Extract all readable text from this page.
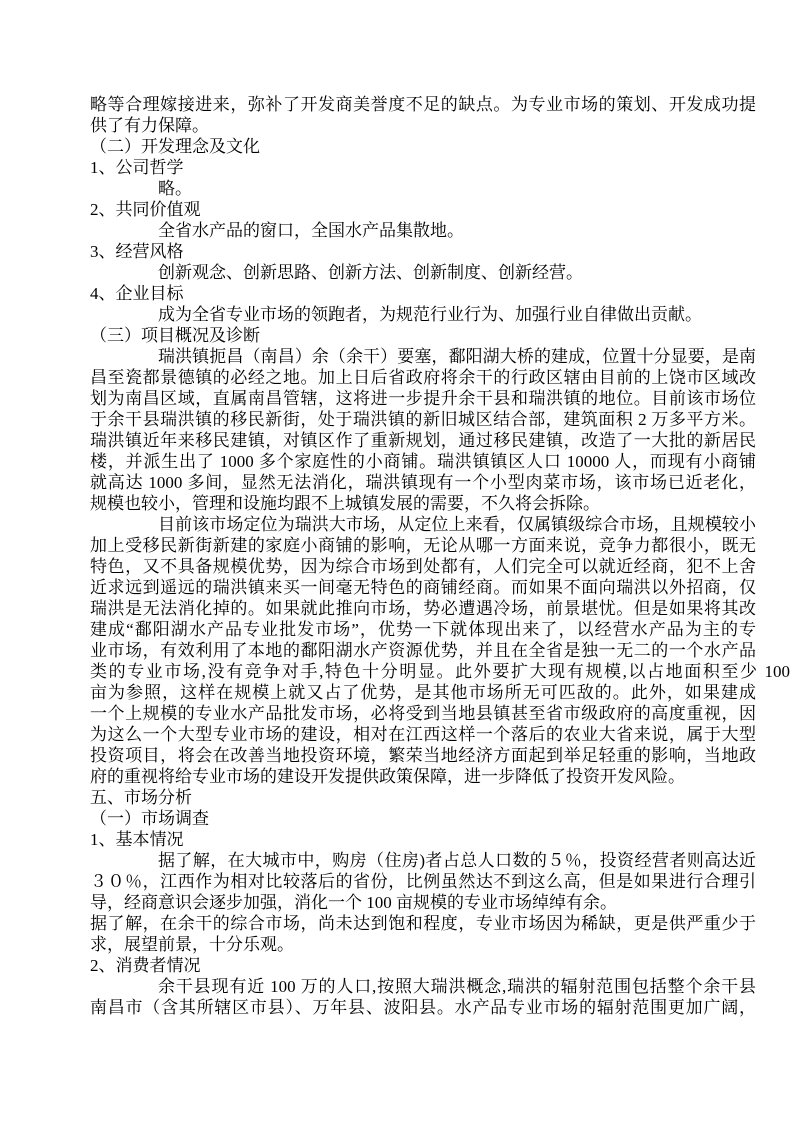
略等合理嫁接进来，弥补了开发商美誉度不足的缺点。为专业市场的策划、开发成功提
供了有力保障。
（二）开发理念及文化
1、公司哲学
略。
2、共同价值观
全省水产品的窗口，全国水产品集散地。
3、经营风格
创新观念、创新思路、创新方法、创新制度、创新经营。
4、企业目标
成为全省专业市场的领跑者，为规范行业行为、加强行业自律做出贡献。
（三）项目概况及诊断
瑞洪镇扼昌（南昌）余（余干）要塞，鄱阳湖大桥的建成，位置十分显要，是南
昌至瓷都景德镇的必经之地。加上日后省政府将余干的行政区辖由目前的上饶市区域改
划为南昌区域，直属南昌管辖，这将进一步提升余干县和瑞洪镇的地位。目前该市场位
于余干县瑞洪镇的移民新街，处于瑞洪镇的新旧城区结合部，建筑面积 2 万多平方米。
瑞洪镇近年来移民建镇，对镇区作了重新规划，通过移民建镇，改造了一大批的新居民
楼，并派生出了 1000 多个家庭性的小商铺。瑞洪镇镇区人口 10000 人，而现有小商铺
就高达 1000 多间，显然无法消化，瑞洪镇现有一个小型肉菜市场，该市场已近老化，
规模也较小，管理和设施均跟不上城镇发展的需要，不久将会拆除。
目前该市场定位为瑞洪大市场，从定位上来看，仅属镇级综合市场，且规模较小
加上受移民新街新建的家庭小商铺的影响，无论从哪一方面来说，竞争力都很小，既无
特色，又不具备规模优势，因为综合市场到处都有，人们完全可以就近经商，犯不上舍
近求远到遥远的瑞洪镇来买一间毫无特色的商铺经商。而如果不面向瑞洪以外招商，仅
瑞洪是无法消化掉的。如果就此推向市场，势必遭遇冷场，前景堪忧。但是如果将其改
建成“鄱阳湖水产品专业批发市场”，优势一下就体现出来了，以经营水产品为主的专
业市场，有效利用了本地的鄱阳湖水产资源优势，并且在全省是独一无二的一个水产品
类的专业市场,没有竞争对手,特色十分明显。此外要扩大现有规模,以占地面积至少 100
亩为参照，这样在规模上就又占了优势，是其他市场所无可匹敌的。此外，如果建成
一个上规模的专业水产品批发市场，必将受到当地县镇甚至省市级政府的高度重视，因
为这么一个大型专业市场的建设，相对在江西这样一个落后的农业大省来说，属于大型
投资项目，将会在改善当地投资环境，繁荣当地经济方面起到举足轻重的影响，当地政
府的重视将给专业市场的建设开发提供政策保障，进一步降低了投资开发风险。
五、市场分析
（一）市场调查
1、基本情况
据了解，在大城市中，购房（住房)者占总人口数的５％，投资经营者则高达近
３０％，江西作为相对比较落后的省份，比例虽然达不到这么高，但是如果进行合理引
导，经商意识会逐步加强，消化一个 100 亩规模的专业市场绰绰有余。
据了解，在余干的综合市场，尚未达到饱和程度，专业市场因为稀缺，更是供严重少于
求，展望前景，十分乐观。
2、消费者情况
余干县现有近 100 万的人口,按照大瑞洪概念,瑞洪的辐射范围包括整个余干县
南昌市（含其所辖区市县）、万年县、波阳县。水产品专业市场的辐射范围更加广阔，
